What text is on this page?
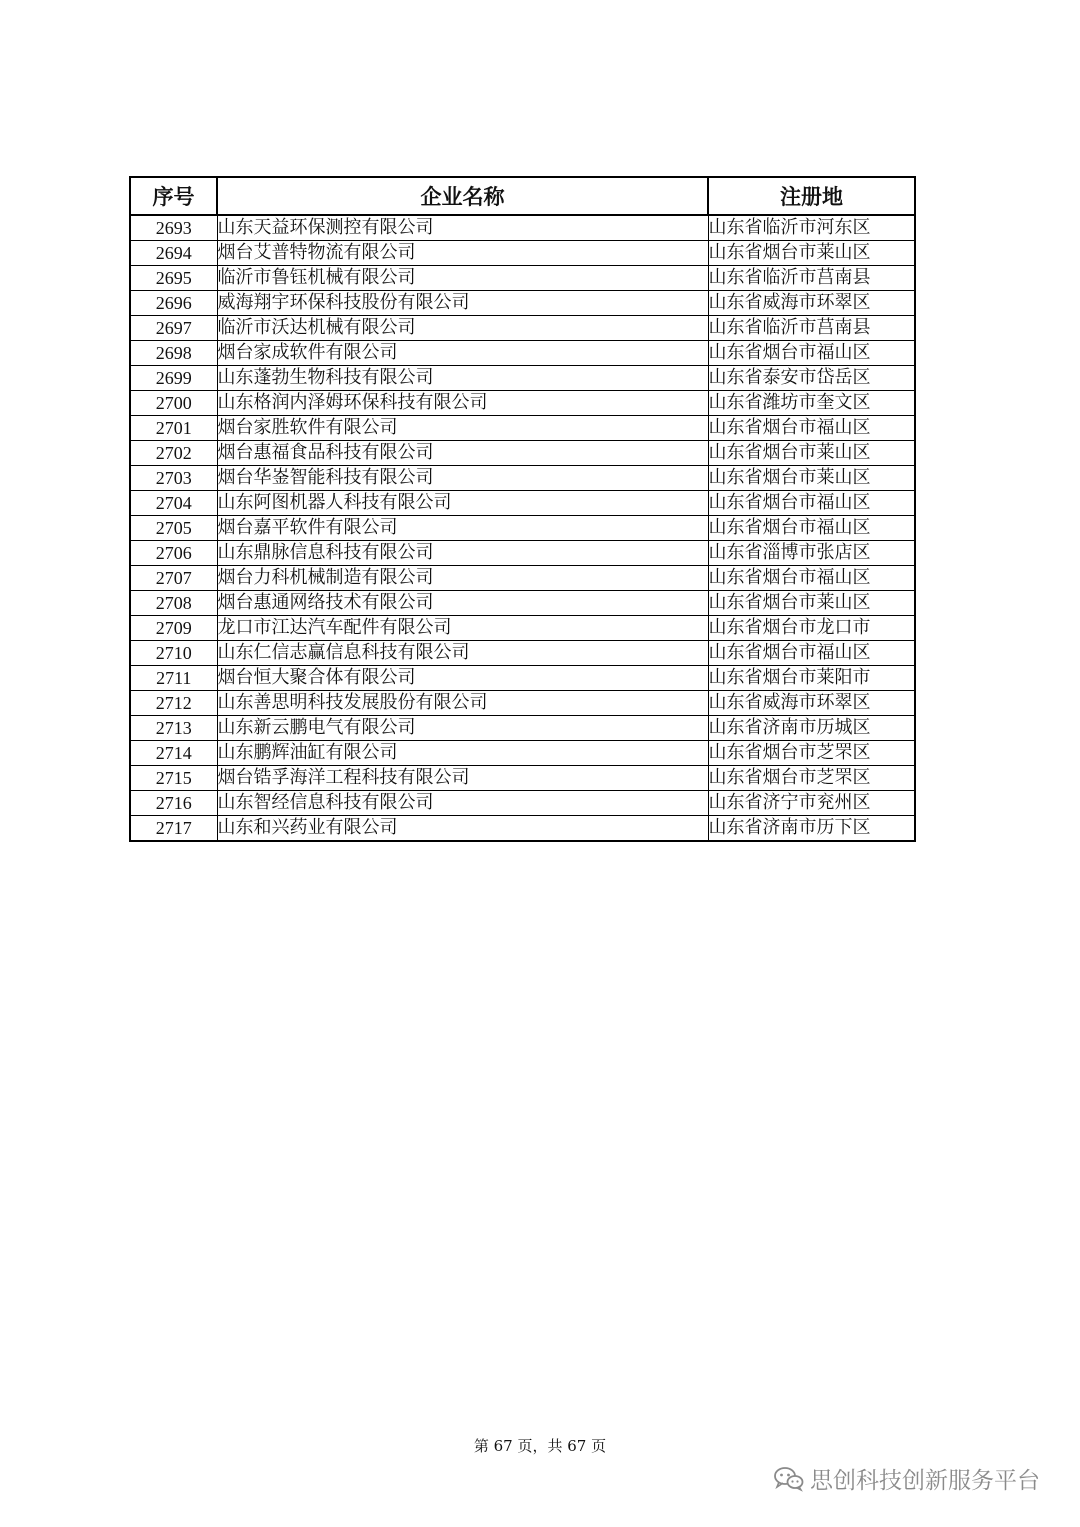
序号	企业名称	注册地
2693	山东天益环保测控有限公司	山东省临沂市河东区
2694	烟台艾普特物流有限公司	山东省烟台市莱山区
2695	临沂市鲁钰机械有限公司	山东省临沂市莒南县
2696	威海翔宇环保科技股份有限公司	山东省威海市环翠区
2697	临沂市沃达机械有限公司	山东省临沂市莒南县
2698	烟台家成软件有限公司	山东省烟台市福山区
2699	山东蓬勃生物科技有限公司	山东省泰安市岱岳区
2700	山东格润内泽姆环保科技有限公司	山东省潍坊市奎文区
2701	烟台家胜软件有限公司	山东省烟台市福山区
2702	烟台惠福食品科技有限公司	山东省烟台市莱山区
2703	烟台华崟智能科技有限公司	山东省烟台市莱山区
2704	山东阿图机器人科技有限公司	山东省烟台市福山区
2705	烟台嘉平软件有限公司	山东省烟台市福山区
2706	山东鼎脉信息科技有限公司	山东省淄博市张店区
2707	烟台力科机械制造有限公司	山东省烟台市福山区
2708	烟台惠通网络技术有限公司	山东省烟台市莱山区
2709	龙口市江达汽车配件有限公司	山东省烟台市龙口市
2710	山东仁信志赢信息科技有限公司	山东省烟台市福山区
2711	烟台恒大聚合体有限公司	山东省烟台市莱阳市
2712	山东善思明科技发展股份有限公司	山东省威海市环翠区
2713	山东新云鹏电气有限公司	山东省济南市历城区
2714	山东鹏辉油缸有限公司	山东省烟台市芝罘区
2715	烟台锆孚海洋工程科技有限公司	山东省烟台市芝罘区
2716	山东智经信息科技有限公司	山东省济宁市兖州区
2717	山东和兴药业有限公司	山东省济南市历下区
第 67 页，共 67 页
思创科技创新服务平台
